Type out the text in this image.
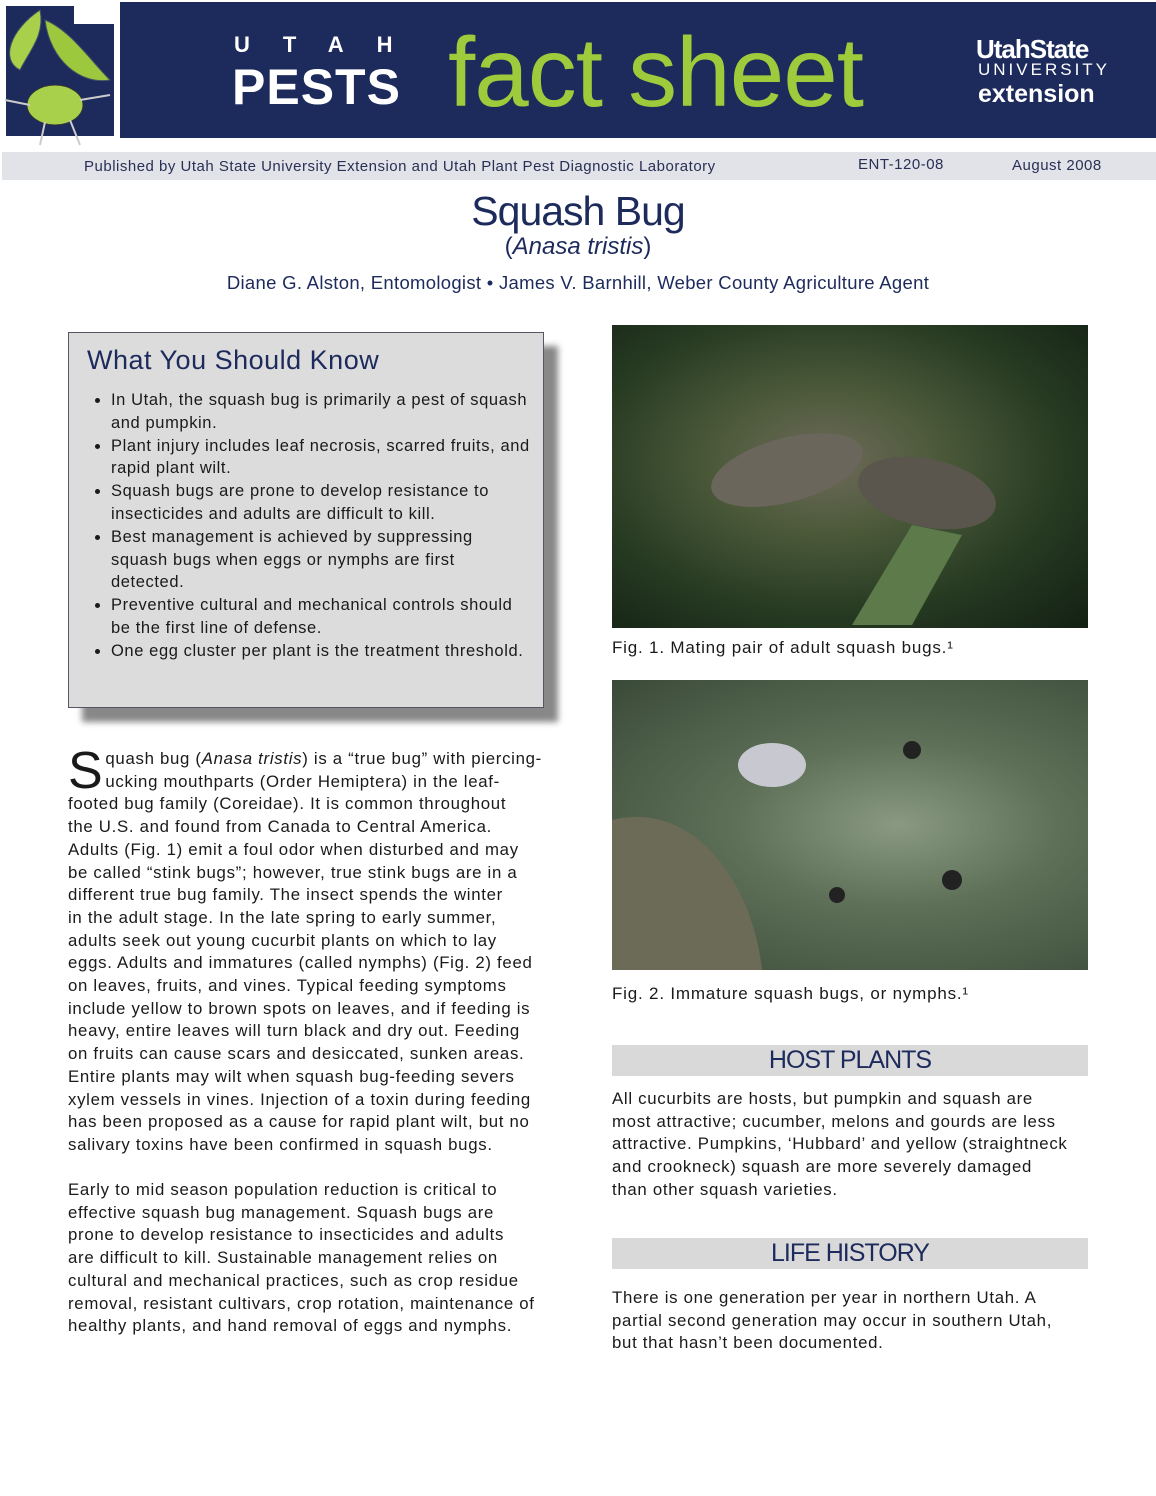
UTAH
PESTS fact sheet	UtahState
UNIVERSITY
extension
Published by Utah State University Extension and Utah Plant Pest Diagnostic Laboratory	ENT-120-08	August 2008
Squash Bug
(Anasa tristis)
Diane G. Alston, Entomologist • James V. Barnhill, Weber County Agriculture Agent
What You Should Know
• In Utah, the squash bug is primarily a pest of squash and pumpkin.
• Plant injury includes leaf necrosis, scarred fruits, and rapid plant wilt.
• Squash bugs are prone to develop resistance to insecticides and adults are difficult to kill.
• Best management is achieved by suppressing squash bugs when eggs or nymphs are first detected.
• Preventive cultural and mechanical controls should be the first line of defense.
• One egg cluster per plant is the treatment threshold.
S quash bug (Anasa tristis) is a “true bug” with piercing-
ucking mouthparts (Order Hemiptera) in the leaf-
footed bug family (Coreidae). It is common throughout
the U.S. and found from Canada to Central America.
Adults (Fig. 1) emit a foul odor when disturbed and may
be called “stink bugs”; however, true stink bugs are in a
different true bug family. The insect spends the winter
in the adult stage. In the late spring to early summer,
adults seek out young cucurbit plants on which to lay
eggs. Adults and immatures (called nymphs) (Fig. 2) feed
on leaves, fruits, and vines. Typical feeding symptoms
include yellow to brown spots on leaves, and if feeding is
heavy, entire leaves will turn black and dry out. Feeding
on fruits can cause scars and desiccated, sunken areas.
Entire plants may wilt when squash bug-feeding severs
xylem vessels in vines. Injection of a toxin during feeding
has been proposed as a cause for rapid plant wilt, but no
salivary toxins have been confirmed in squash bugs.
Early to mid season population reduction is critical to
effective squash bug management. Squash bugs are
prone to develop resistance to insecticides and adults
are difficult to kill. Sustainable management relies on
cultural and mechanical practices, such as crop residue
removal, resistant cultivars, crop rotation, maintenance of
healthy plants, and hand removal of eggs and nymphs.
Fig. 1. Mating pair of adult squash bugs.¹
Fig. 2. Immature squash bugs, or nymphs.¹
HOST PLANTS
All cucurbits are hosts, but pumpkin and squash are
most attractive; cucumber, melons and gourds are less
attractive. Pumpkins, ‘Hubbard’ and yellow (straightneck
and crookneck) squash are more severely damaged
than other squash varieties.
LIFE HISTORY
There is one generation per year in northern Utah. A
partial second generation may occur in southern Utah,
but that hasn’t been documented.
